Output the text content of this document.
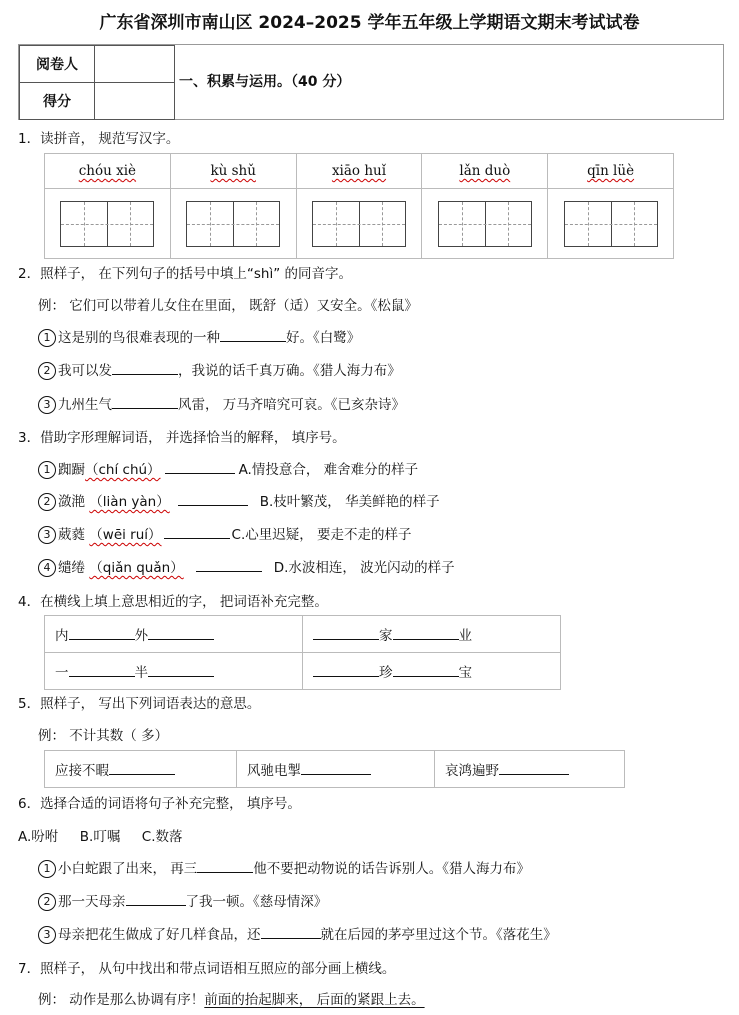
广东省深圳市南山区 2024–2025 学年五年级上学期语文期末考试试卷
阅卷人	
得分	
一、积累与运用。（40 分）
1．读拼音， 规范写汉字。
chóu xiè	kù shǔ	xiāo huǐ	lǎn duò	qīn lüè

2．照样子， 在下列句子的括号中填上“shì” 的同音字。
例： 它们可以带着儿女住在里面， 既舒（适）又安全。《松鼠》
1 这是别的鸟很难表现的一种	好。《白鹭》
2 我可以发	，我说的话千真万确。《猎人海力布》
3 九州生气	风雷， 万马齐喑究可哀。《已亥杂诗》
3．借助字形理解词语， 并选择恰当的解释， 填序号。
1 踟蹰（chí chú）	A.情投意合， 难舍难分的样子
2 潋滟 （liàn yàn）	B.枝叶繁茂， 华美鲜艳的样子
3 葳蕤 （wēi ruí）	C.心里迟疑， 要走不走的样子
4 缱绻 （qiǎn quǎn）	D.水波相连， 波光闪动的样子
4．在横线上填上意思相近的字， 把词语补充完整。
内 外	家 业
一 半	珍 宝
5．照样子， 写出下列词语表达的意思。
例： 不计其数（ 多）
应接不暇	风驰电掣	哀鸿遍野
6．选择合适的词语将句子补充完整， 填序号。
A.吩咐 B.叮嘱 C.数落
1 小白蛇跟了出来， 再三	他不要把动物说的话告诉别人。《猎人海力布》
2 那一天母亲	了我一顿。《慈母情深》
3 母亲把花生做成了好几样食品，还	就在后园的茅亭里过这个节。《落花生》
7．照样子， 从句中找出和带点词语相互照应的部分画上横线。
例： 动作是那么协调有序！前面的抬起脚来， 后面的紧跟上去。
